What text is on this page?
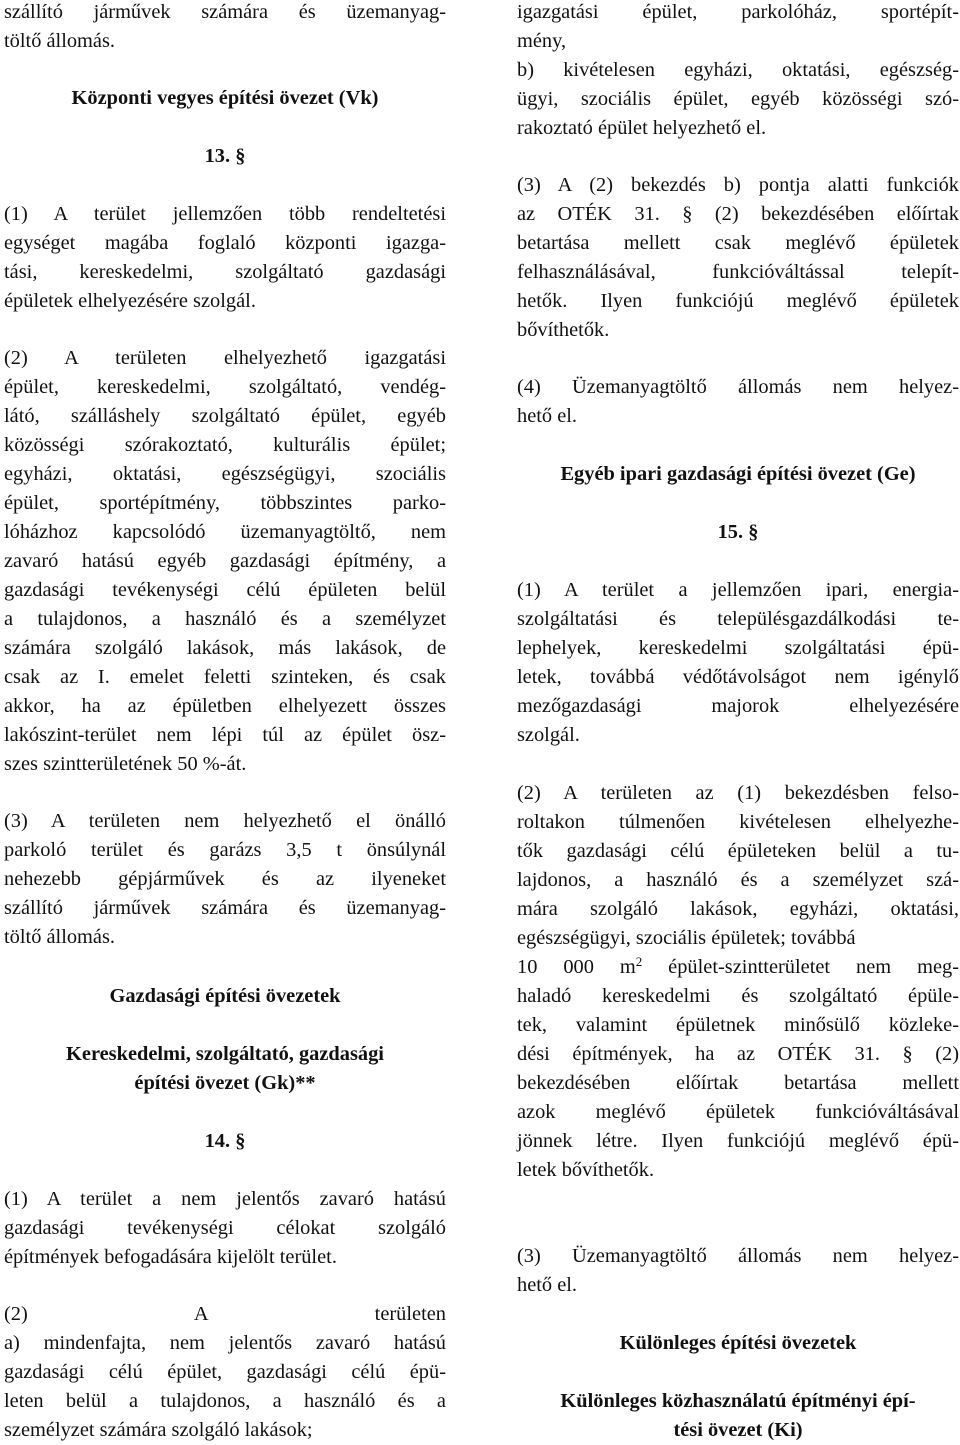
szállító járművek számára és üzemanyag-
töltő állomás.

Központi vegyes építési övezet (Vk)

13. §

(1) A terület jellemzően több rendeltetési
egységet magába foglaló központi igazga-
tási, kereskedelmi, szolgáltató gazdasági
épületek elhelyezésére szolgál.

(2) A területen elhelyezhető igazgatási
épület, kereskedelmi, szolgáltató, vendég-
látó, szálláshely szolgáltató épület, egyéb
közösségi szórakoztató, kulturális épület;
egyházi, oktatási, egészségügyi, szociális
épület, sportépítmény, többszintes parko-
lóházhoz kapcsolódó üzemanyagtöltő, nem
zavaró hatású egyéb gazdasági építmény, a
gazdasági tevékenységi célú épületen belül
a tulajdonos, a használó és a személyzet
számára szolgáló lakások, más lakások, de
csak az I. emelet feletti szinteken, és csak
akkor, ha az épületben elhelyezett összes
lakószint-terület nem lépi túl az épület ösz-
szes szintterületének 50 %-át.

(3) A területen nem helyezhető el önálló
parkoló terület és garázs 3,5 t önsúlynál
nehezebb gépjárművek és az ilyeneket
szállító járművek számára és üzemanyag-
töltő állomás.

Gazdasági építési övezetek

Kereskedelmi, szolgáltató, gazdasági
építési övezet (Gk)**

14. §

(1) A terület a nem jelentős zavaró hatású
gazdasági tevékenységi célokat szolgáló
építmények befogadására kijelölt terület.

(2) A területen
a) mindenfajta, nem jelentős zavaró hatású
gazdasági célú épület, gazdasági célú épü-
leten belül a tulajdonos, a használó és a
személyzet számára szolgáló lakások;

igazgatási épület, parkolóház, sportépít-
mény,
b) kivételesen egyházi, oktatási, egészség-
ügyi, szociális épület, egyéb közösségi szó-
rakoztató épület helyezhető el.

(3) A (2) bekezdés b) pontja alatti funkciók
az OTÉK 31. § (2) bekezdésében előírtak
betartása mellett csak meglévő épületek
felhasználásával, funkcióváltással telepít-
hetők. Ilyen funkciójú meglévő épületek
bővíthetők.

(4) Üzemanyagtöltő állomás nem helyez-
hető el.

Egyéb ipari gazdasági építési övezet (Ge)

15. §

(1) A terület a jellemzően ipari, energia-
szolgáltatási és településgazdálkodási te-
lephelyek, kereskedelmi szolgáltatási épü-
letek, továbbá védőtávolságot nem igénylő
mezőgazdasági majorok elhelyezésére
szolgál.

(2) A területen az (1) bekezdésben felso-
roltakon túlmenően kivételesen elhelyezhe-
tők gazdasági célú épületeken belül a tu-
lajdonos, a használó és a személyzet szá-
mára szolgáló lakások, egyházi, oktatási,
egészségügyi, szociális épületek; továbbá

10 000 $m^2$ épület-szintterületet nem meg-

haladó kereskedelmi és szolgáltató épüle-
tek, valamint épületnek minősülő közleke-
dési építmények, ha az OTÉK 31. § (2)
bekezdésében előírtak betartása mellett
azok meglévő épületek funkcióváltásával
jönnek létre. Ilyen funkciójú meglévő épü-
letek bővíthetők.

(3) Üzemanyagtöltő állomás nem helyez-
hető el.

Különleges építési övezetek

Különleges közhasználatú építményi épí-
tési övezet (Ki)
